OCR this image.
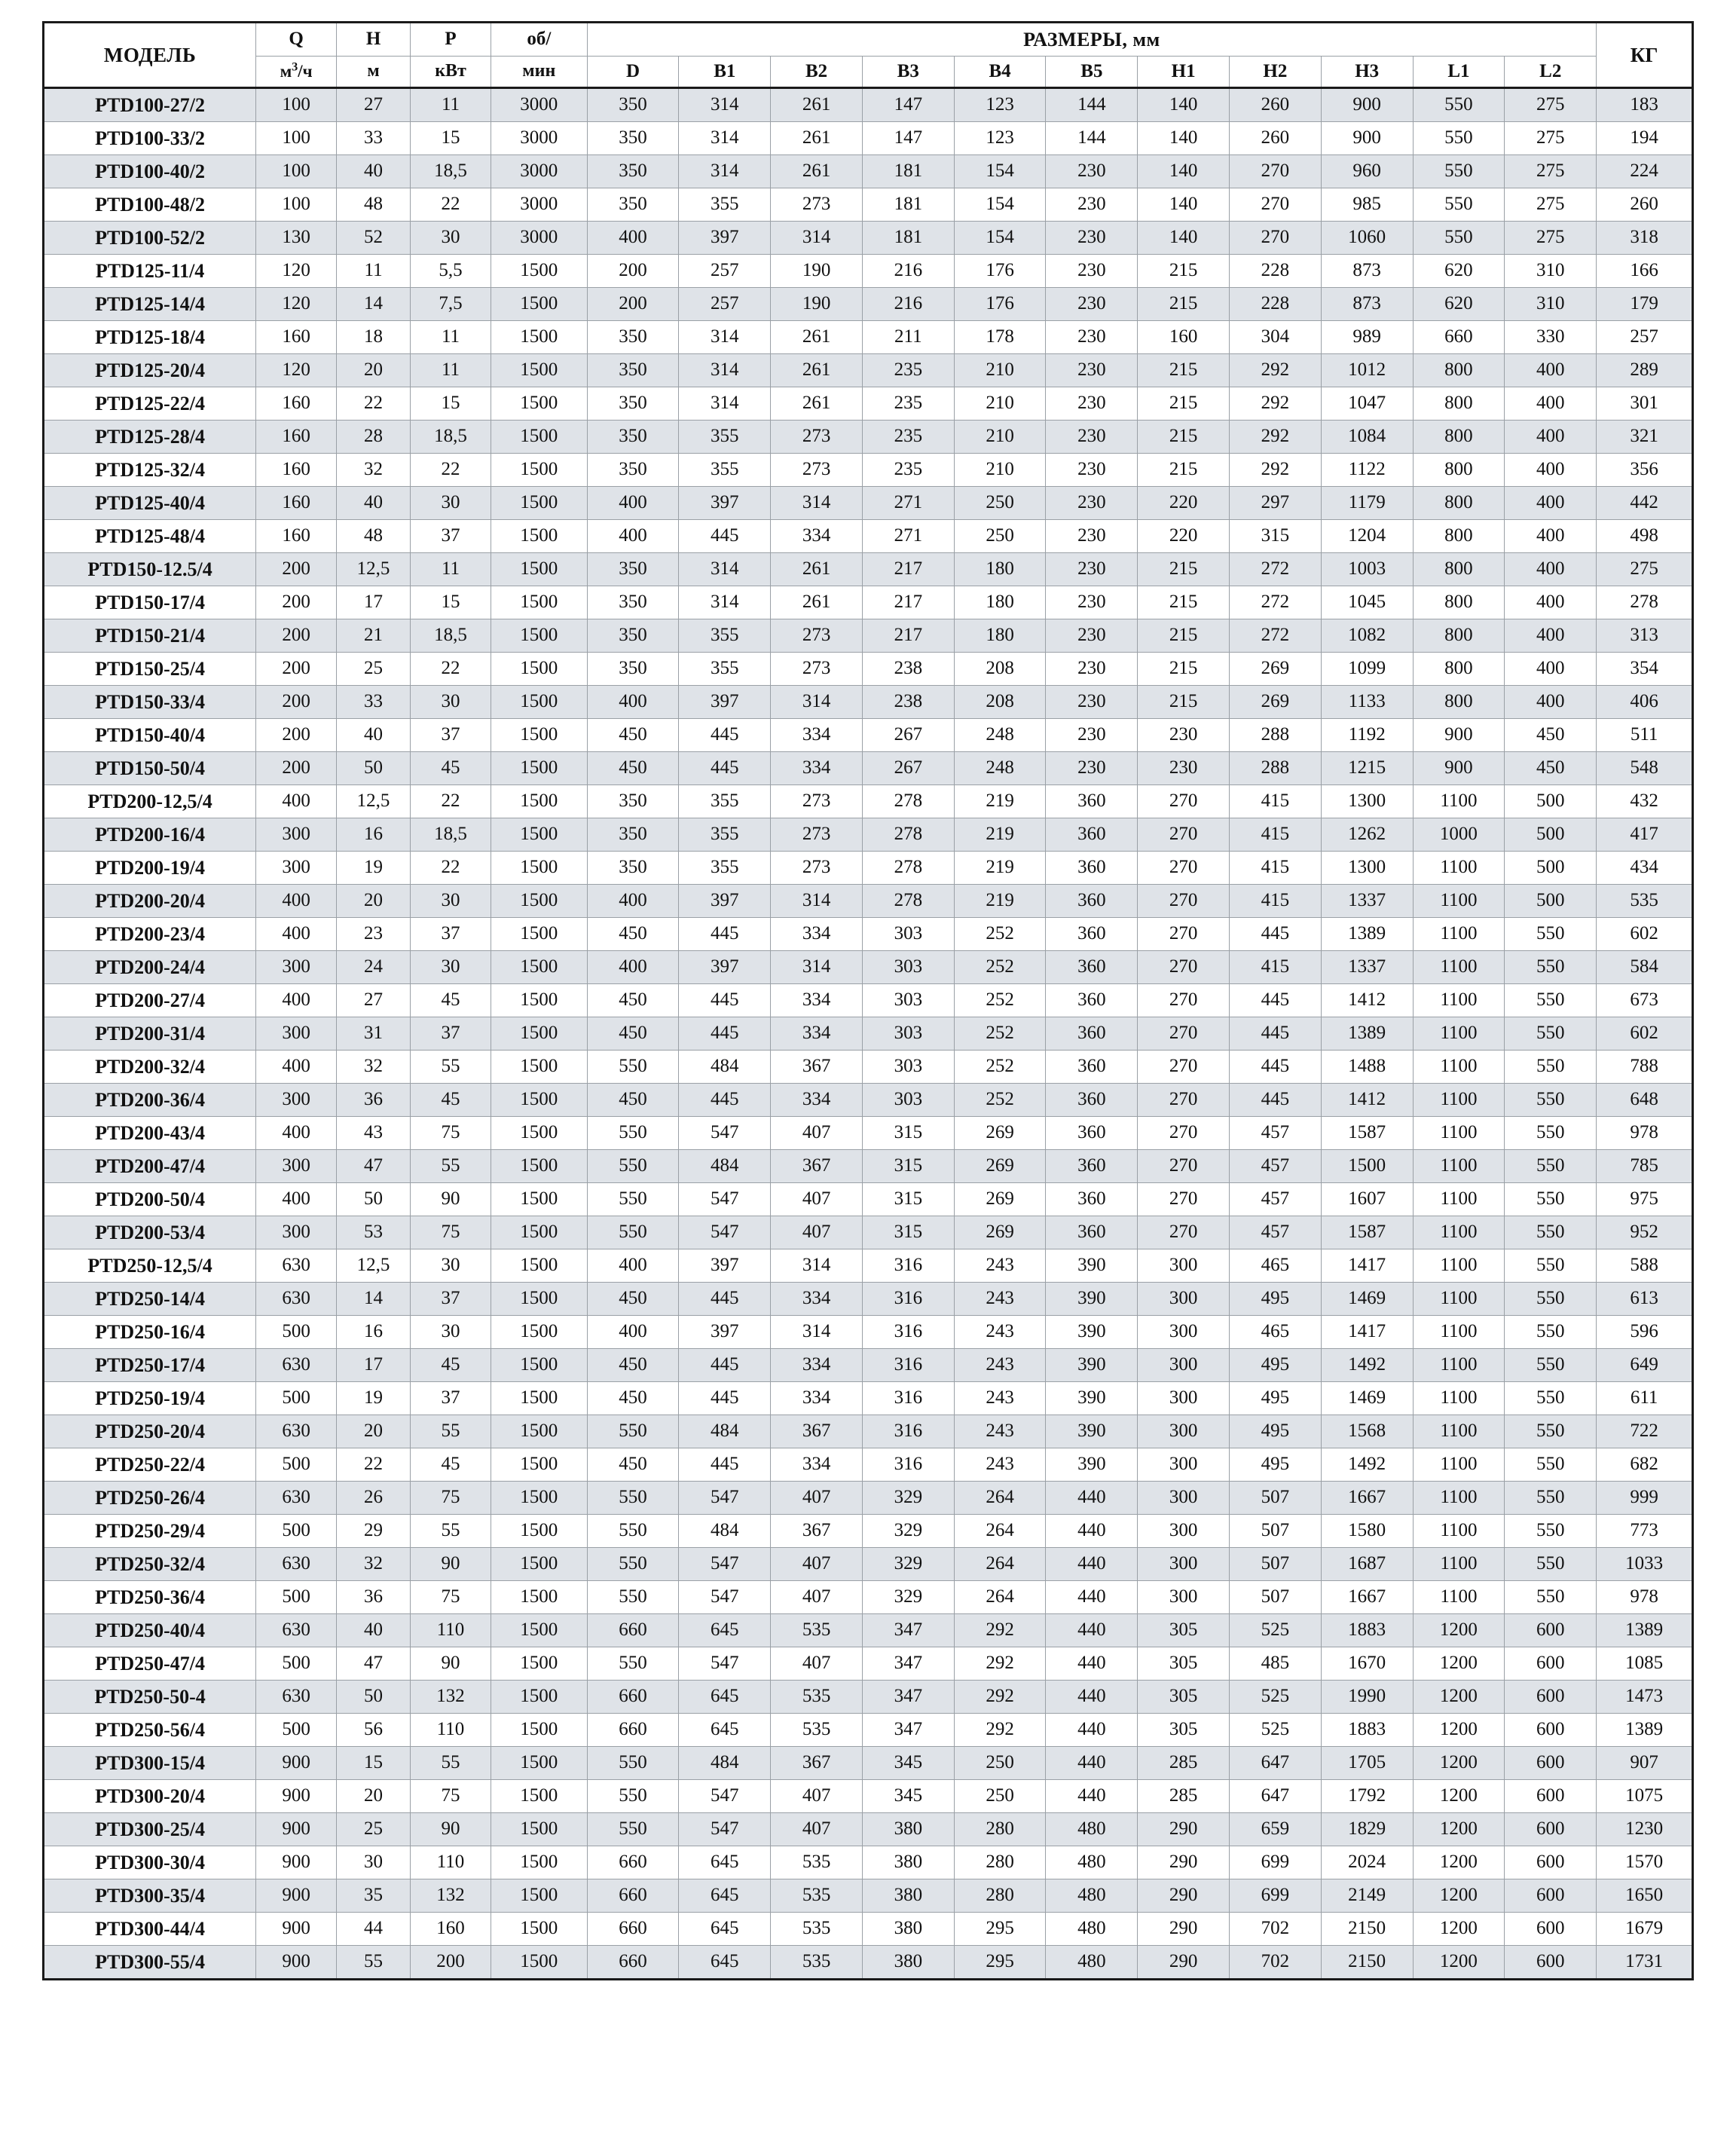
МОДЕЛЬ	Q	H	P	об/	РАЗМЕРЫ, мм											КГ
	$м^3/ч$	м	кВт	мин	D	B1	B2	B3	B4	B5	H1	H2	H3	L1	L2	
PTD100-27/2	100	27	11	3000	350	314	261	147	123	144	140	260	900	550	275	183
PTD100-33/2	100	33	15	3000	350	314	261	147	123	144	140	260	900	550	275	194
PTD100-40/2	100	40	18,5	3000	350	314	261	181	154	230	140	270	960	550	275	224
PTD100-48/2	100	48	22	3000	350	355	273	181	154	230	140	270	985	550	275	260
PTD100-52/2	130	52	30	3000	400	397	314	181	154	230	140	270	1060	550	275	318
PTD125-11/4	120	11	5,5	1500	200	257	190	216	176	230	215	228	873	620	310	166
PTD125-14/4	120	14	7,5	1500	200	257	190	216	176	230	215	228	873	620	310	179
PTD125-18/4	160	18	11	1500	350	314	261	211	178	230	160	304	989	660	330	257
PTD125-20/4	120	20	11	1500	350	314	261	235	210	230	215	292	1012	800	400	289
PTD125-22/4	160	22	15	1500	350	314	261	235	210	230	215	292	1047	800	400	301
PTD125-28/4	160	28	18,5	1500	350	355	273	235	210	230	215	292	1084	800	400	321
PTD125-32/4	160	32	22	1500	350	355	273	235	210	230	215	292	1122	800	400	356
PTD125-40/4	160	40	30	1500	400	397	314	271	250	230	220	297	1179	800	400	442
PTD125-48/4	160	48	37	1500	400	445	334	271	250	230	220	315	1204	800	400	498
PTD150-12.5/4	200	12,5	11	1500	350	314	261	217	180	230	215	272	1003	800	400	275
PTD150-17/4	200	17	15	1500	350	314	261	217	180	230	215	272	1045	800	400	278
PTD150-21/4	200	21	18,5	1500	350	355	273	217	180	230	215	272	1082	800	400	313
PTD150-25/4	200	25	22	1500	350	355	273	238	208	230	215	269	1099	800	400	354
PTD150-33/4	200	33	30	1500	400	397	314	238	208	230	215	269	1133	800	400	406
PTD150-40/4	200	40	37	1500	450	445	334	267	248	230	230	288	1192	900	450	511
PTD150-50/4	200	50	45	1500	450	445	334	267	248	230	230	288	1215	900	450	548
PTD200-12,5/4	400	12,5	22	1500	350	355	273	278	219	360	270	415	1300	1100	500	432
PTD200-16/4	300	16	18,5	1500	350	355	273	278	219	360	270	415	1262	1000	500	417
PTD200-19/4	300	19	22	1500	350	355	273	278	219	360	270	415	1300	1100	500	434
PTD200-20/4	400	20	30	1500	400	397	314	278	219	360	270	415	1337	1100	500	535
PTD200-23/4	400	23	37	1500	450	445	334	303	252	360	270	445	1389	1100	550	602
PTD200-24/4	300	24	30	1500	400	397	314	303	252	360	270	415	1337	1100	550	584
PTD200-27/4	400	27	45	1500	450	445	334	303	252	360	270	445	1412	1100	550	673
PTD200-31/4	300	31	37	1500	450	445	334	303	252	360	270	445	1389	1100	550	602
PTD200-32/4	400	32	55	1500	550	484	367	303	252	360	270	445	1488	1100	550	788
PTD200-36/4	300	36	45	1500	450	445	334	303	252	360	270	445	1412	1100	550	648
PTD200-43/4	400	43	75	1500	550	547	407	315	269	360	270	457	1587	1100	550	978
PTD200-47/4	300	47	55	1500	550	484	367	315	269	360	270	457	1500	1100	550	785
PTD200-50/4	400	50	90	1500	550	547	407	315	269	360	270	457	1607	1100	550	975
PTD200-53/4	300	53	75	1500	550	547	407	315	269	360	270	457	1587	1100	550	952
PTD250-12,5/4	630	12,5	30	1500	400	397	314	316	243	390	300	465	1417	1100	550	588
PTD250-14/4	630	14	37	1500	450	445	334	316	243	390	300	495	1469	1100	550	613
PTD250-16/4	500	16	30	1500	400	397	314	316	243	390	300	465	1417	1100	550	596
PTD250-17/4	630	17	45	1500	450	445	334	316	243	390	300	495	1492	1100	550	649
PTD250-19/4	500	19	37	1500	450	445	334	316	243	390	300	495	1469	1100	550	611
PTD250-20/4	630	20	55	1500	550	484	367	316	243	390	300	495	1568	1100	550	722
PTD250-22/4	500	22	45	1500	450	445	334	316	243	390	300	495	1492	1100	550	682
PTD250-26/4	630	26	75	1500	550	547	407	329	264	440	300	507	1667	1100	550	999
PTD250-29/4	500	29	55	1500	550	484	367	329	264	440	300	507	1580	1100	550	773
PTD250-32/4	630	32	90	1500	550	547	407	329	264	440	300	507	1687	1100	550	1033
PTD250-36/4	500	36	75	1500	550	547	407	329	264	440	300	507	1667	1100	550	978
PTD250-40/4	630	40	110	1500	660	645	535	347	292	440	305	525	1883	1200	600	1389
PTD250-47/4	500	47	90	1500	550	547	407	347	292	440	305	485	1670	1200	600	1085
PTD250-50-4	630	50	132	1500	660	645	535	347	292	440	305	525	1990	1200	600	1473
PTD250-56/4	500	56	110	1500	660	645	535	347	292	440	305	525	1883	1200	600	1389
PTD300-15/4	900	15	55	1500	550	484	367	345	250	440	285	647	1705	1200	600	907
PTD300-20/4	900	20	75	1500	550	547	407	345	250	440	285	647	1792	1200	600	1075
PTD300-25/4	900	25	90	1500	550	547	407	380	280	480	290	659	1829	1200	600	1230
PTD300-30/4	900	30	110	1500	660	645	535	380	280	480	290	699	2024	1200	600	1570
PTD300-35/4	900	35	132	1500	660	645	535	380	280	480	290	699	2149	1200	600	1650
PTD300-44/4	900	44	160	1500	660	645	535	380	295	480	290	702	2150	1200	600	1679
PTD300-55/4	900	55	200	1500	660	645	535	380	295	480	290	702	2150	1200	600	1731
